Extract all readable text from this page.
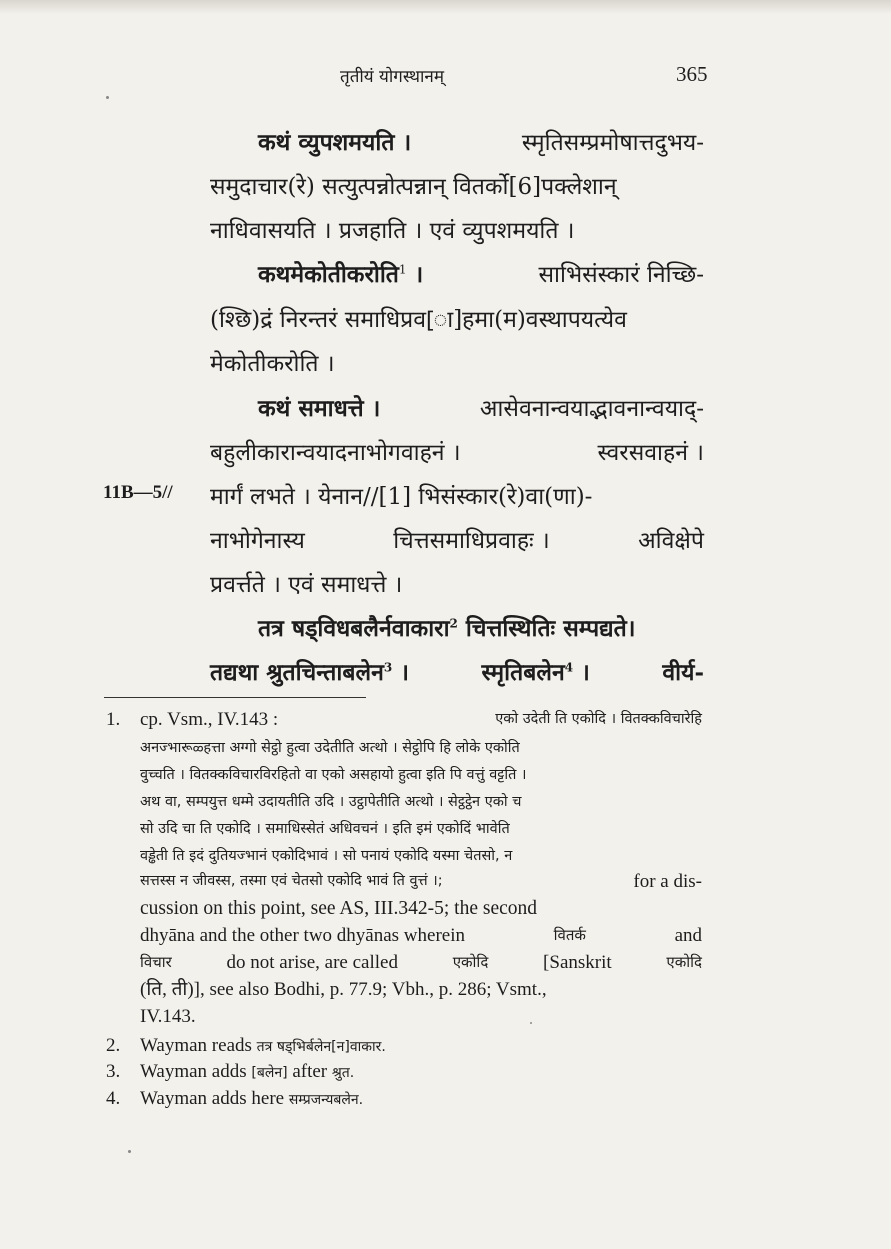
तृतीयं योगस्थानम्	365
कथं व्युपशमयति ।	स्मृतिसम्प्रमोषात्तदुभय-
समुदाचार(रे) सत्युत्पन्नोत्पन्नान् वितर्को[6]पक्लेशान्
नाधिवासयति । प्रजहाति । एवं व्युपशमयति ।
कथमेकोतीकरोति$^1$ ।	साभिसंस्कारं निच्छि-
(श्छि)द्रं निरन्तरं समाधिप्रव[ा]हमा(म)वस्थापयत्येव
मेकोतीकरोति ।
कथं समाधत्ते ।	आसेवनान्वयाद्भावनान्वयाद्-
बहुलीकारान्वयादनाभोगवाहनं ।	स्वरसवाहनं ।
11B—5// मार्गं लभते । येनान//[1] भिसंस्कार(रे)वा(णा)-
नाभोगेनास्य	चित्तसमाधिप्रवाहः ।	अविक्षेपे
प्रवर्त्तते । एवं समाधत्ते ।
तत्र षड्विधबलैर्नवाकारा$^2$ चित्तस्थितिः सम्पद्यते।
तद्यथा श्रुतचिन्ताबलेन$^3$ ।	स्मृतिबलेन$^4$ ।	वीर्य-
1. cp. Vsm., IV.143 :	एको उदेती ति एकोदि । वितक्कविचारेहि
अनज्भारूळ्हत्ता अग्गो सेट्ठो हुत्वा उदेतीति अत्थो । सेट्ठोपि हि लोके एकोति
वुच्चति । वितक्कविचारविरहितो वा एको असहायो हुत्वा इति पि वत्तुं वट्टति ।
अथ वा, सम्पयुत्त धम्मे उदायतीति उदि । उट्ठापेतीति अत्थो । सेट्ठट्ठेन एको च
सो उदि चा ति एकोदि । समाधिस्सेतं अधिवचनं । इति इमं एकोदिं भावेति
वड्ढेती ति इदं दुतियज्भानं एकोदिभावं । सो पनायं एकोदि यस्मा चेतसो, न
सत्तस्स न जीवस्स, तस्मा एवं चेतसो एकोदि भावं ति वुत्तं ।;	for a dis-
cussion on this point, see AS, III.342-5; the second
dhyāna and the other two dhyānas wherein	वितर्क	and
विचार	do not arise, are called	एकोदि	[Sanskrit	एकोदि
(ति, ती)], see also Bodhi, p. 77.9; Vbh., p. 286; Vsmt.,
IV.143.
2. Wayman reads तत्र षड्भिर्बलेन[न]वाकार.
3. Wayman adds [बलेन] after श्रुत.
4. Wayman adds here सम्प्रजन्यबलेन.
